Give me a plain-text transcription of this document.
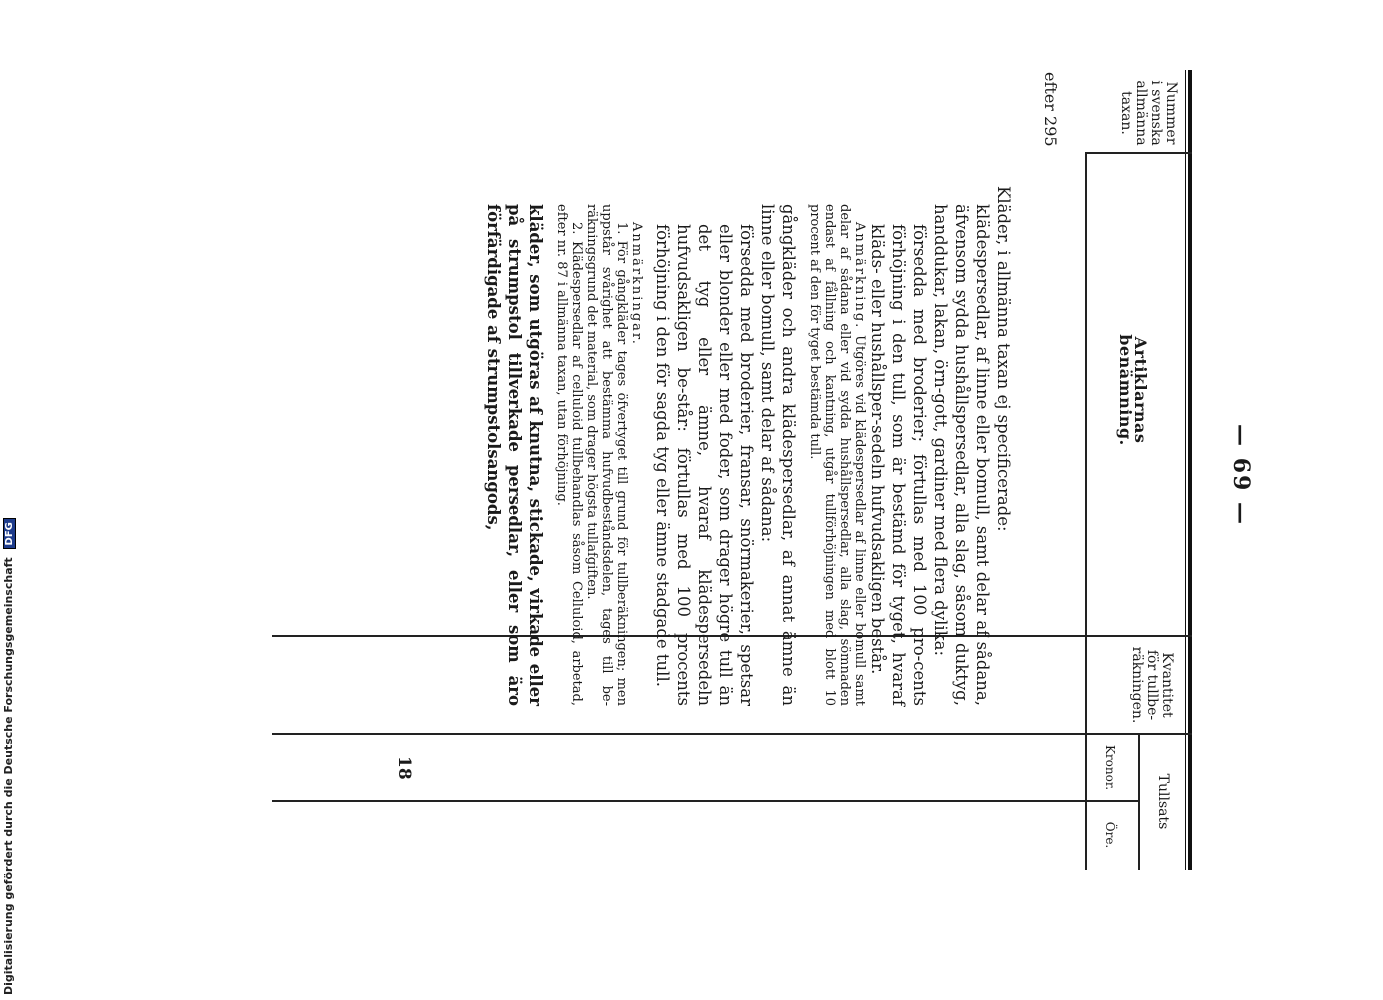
— 69 —
Nummer
i svenska
allmänna
taxan.
Artiklarnas benämning.
Kvantitet
för tullbe-
räkningen.
Tullsats
Kronor.
Öre.
efter 295

Kläder, i allmänna taxan ej specificerade:

klädespersedlar, af linne eller bomull, samt delar af sådana, äfvensom sydda hushållspersedlar, alla slag, såsom duktyg, handdukar, lakan, örn-gott, gardiner med flera dylika:

försedda med broderier; förtullas med 100 pro-cents förhöjning i den tull, som är bestämd för tyget, hvaraf kläds- eller hushållsper-sedeln hufvudsakligen består.

Anmärkning. Utgöres vid klädespersedlar af linne eller bomull samt delar af sådana eller vid sydda hushållspersedlar, alla slag, sömnaden endast af fållning och kantning, utgår tullförhöjningen med blott 10 procent af den för tyget bestämda tull.

gångkläder och andra klädespersedlar, af annat ämne än linne eller bomull, samt delar af sådana:

försedda med broderier, fransar, snörmakerier, spetsar eller blonder eller med foder, som drager högre tull än det tyg eller ämne, hvaraf klädespersedeln hufvudsakligen be-står: förtullas med 100 procents förhöjning i den för sagda tyg eller ämne stadgade tull.

Anmärkningar.

1. För gångkläder tages öfvertyget till grund för tullberäkningen; men uppstår svårighet att bestämma hufvudbeståndsdelen, tages till be-räkningsgrund det material, som drager högsta tullafgiften.

2. Klädespersedlar af celluloid tullbehandlas såsom Celluloid, arbetad, efter nr. 87 i allmänna taxan, utan förhöjning.

kläder, som utgöras af knutna, stickade, virkade eller på strumpstol tillverkade persedlar, eller som äro förfärdigade af strumpstolsangods,

18
Digitalisierung gefördert durch die Deutsche Forschungsgemeinschaft DFG
